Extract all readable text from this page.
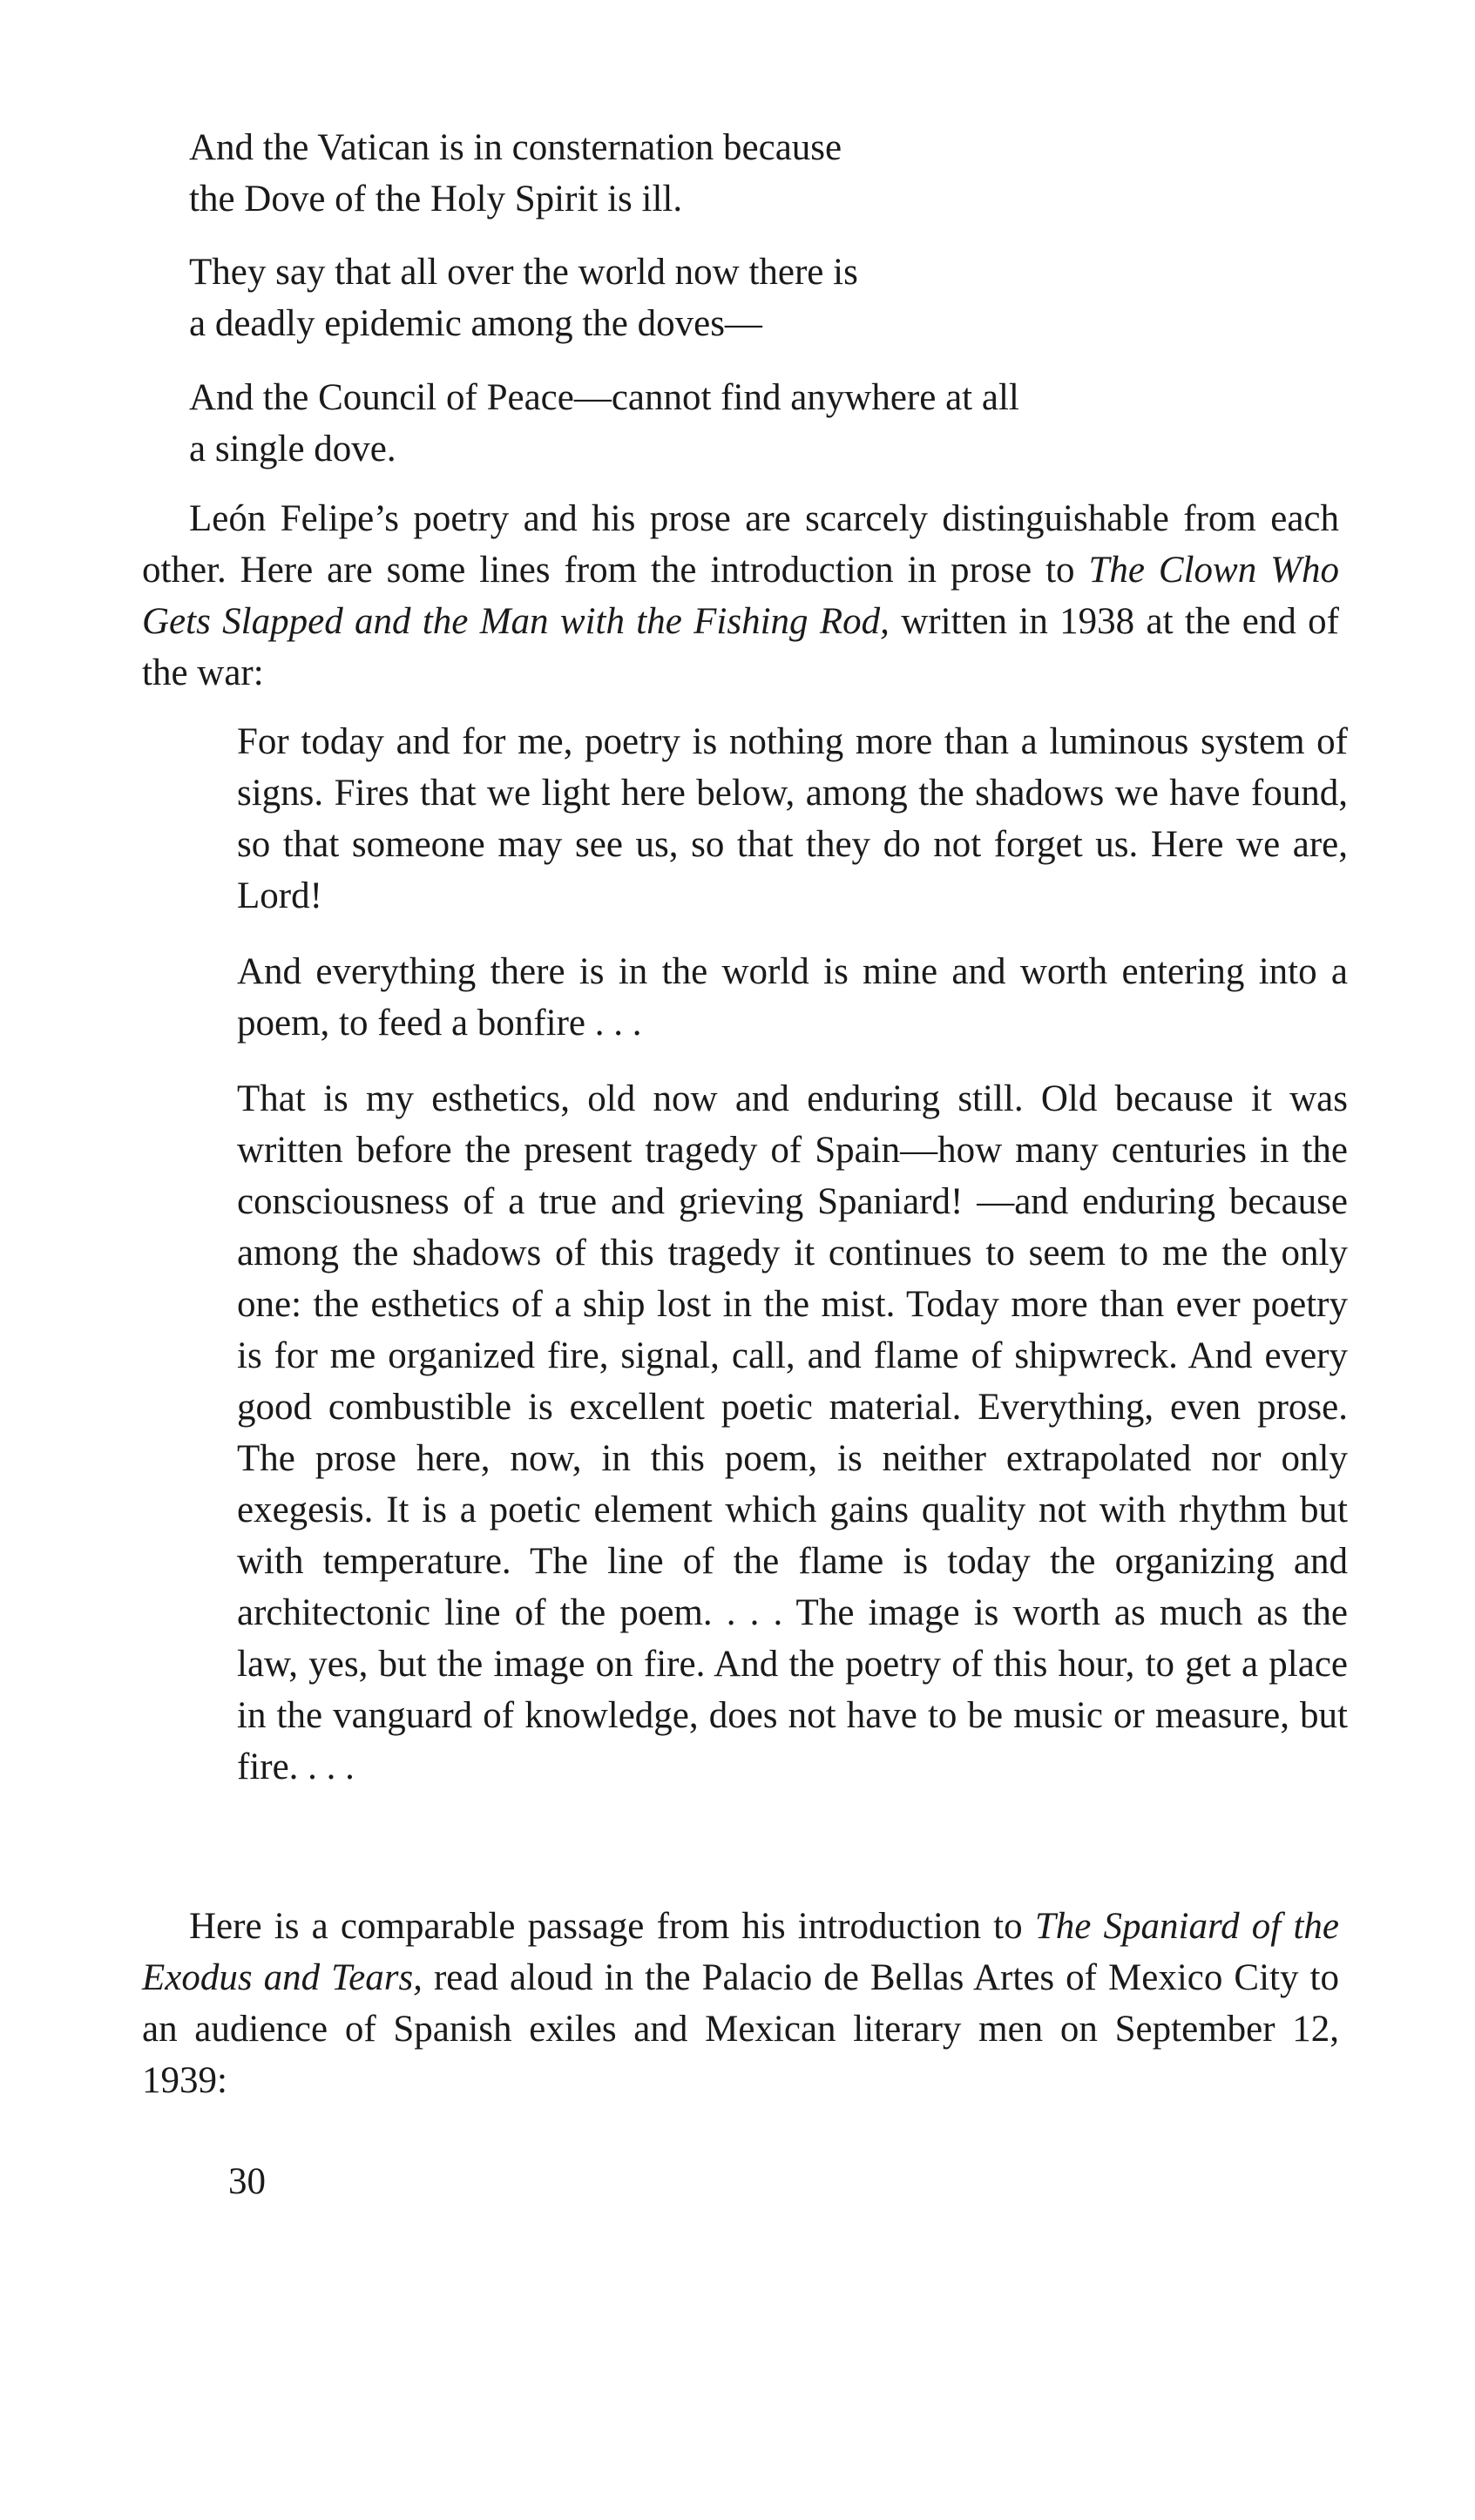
And the Vatican is in consternation because
the Dove of the Holy Spirit is ill.

They say that all over the world now there is
a deadly epidemic among the doves—

And the Council of Peace—cannot find anywhere at all
a single dove.

León Felipe’s poetry and his prose are scarcely distinguishable from each other. Here are some lines from the introduction in prose to The Clown Who Gets Slapped and the Man with the Fishing Rod, written in 1938 at the end of the war:

For today and for me, poetry is nothing more than a luminous system of signs. Fires that we light here below, among the shadows we have found, so that someone may see us, so that they do not forget us. Here we are, Lord!

And everything there is in the world is mine and worth entering into a poem, to feed a bonfire . . .

That is my esthetics, old now and enduring still. Old because it was written before the present tragedy of Spain—how many centuries in the consciousness of a true and grieving Spaniard! —and enduring because among the shadows of this tragedy it continues to seem to me the only one: the esthetics of a ship lost in the mist. Today more than ever poetry is for me organized fire, signal, call, and flame of shipwreck. And every good combustible is excellent poetic material. Everything, even prose. The prose here, now, in this poem, is neither extrapolated nor only exegesis. It is a poetic element which gains quality not with rhythm but with temperature. The line of the flame is today the organizing and architectonic line of the poem. . . . The image is worth as much as the law, yes, but the image on fire. And the poetry of this hour, to get a place in the vanguard of knowledge, does not have to be music or measure, but fire. . . .

Here is a comparable passage from his introduction to The Spaniard of the Exodus and Tears, read aloud in the Palacio de Bellas Artes of Mexico City to an audience of Spanish exiles and Mexican literary men on September 12, 1939:

30
